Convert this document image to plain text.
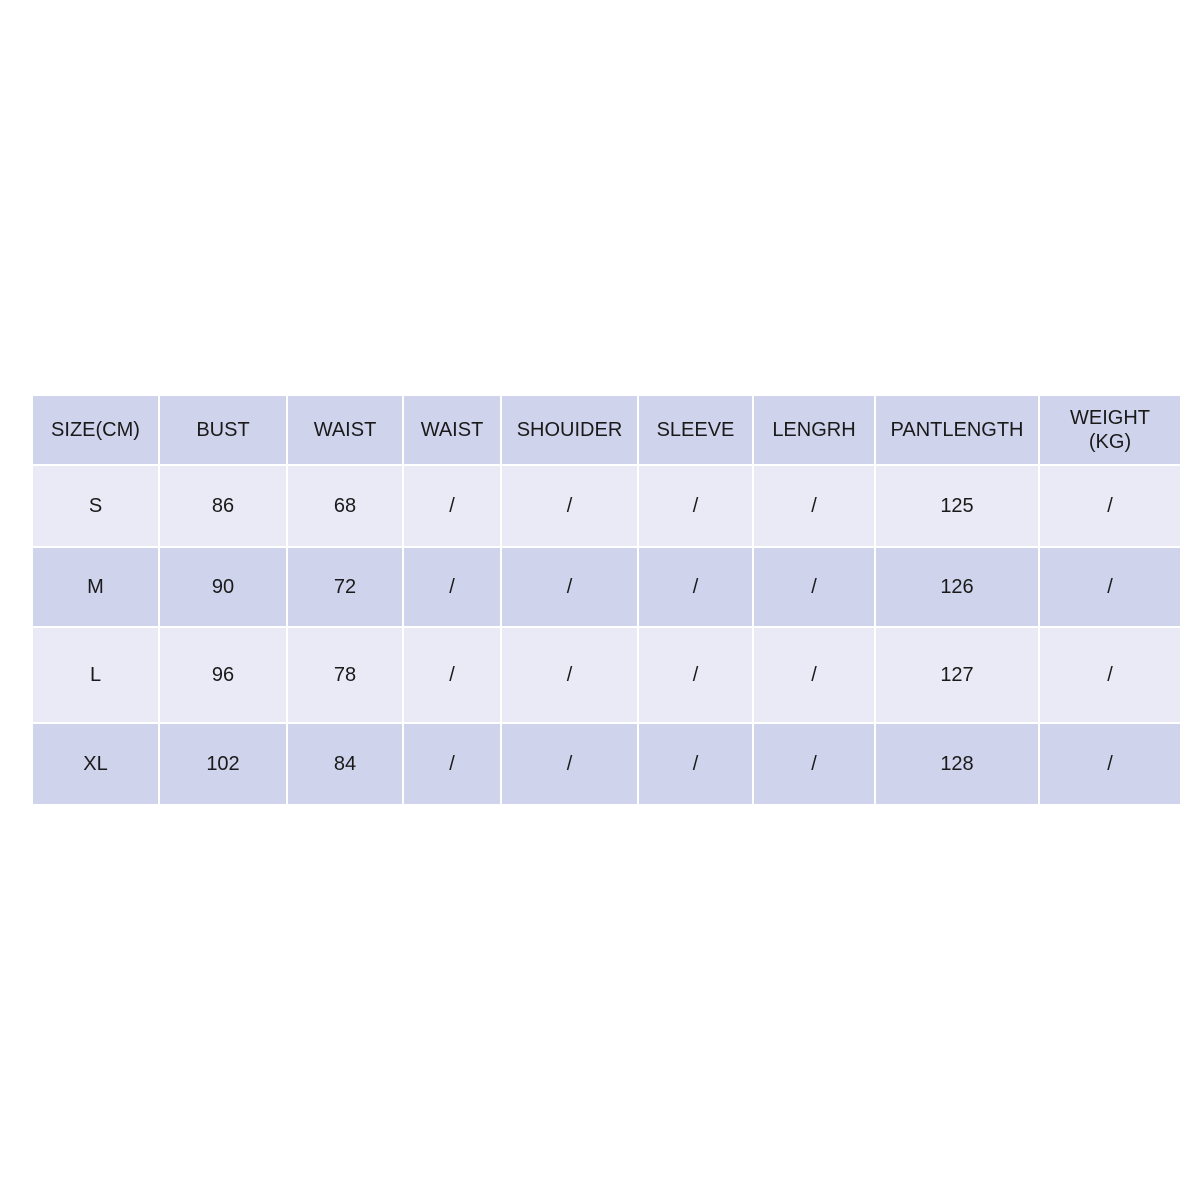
SIZE(CM)	BUST	WAIST	WAIST	SHOUIDER	SLEEVE	LENGRH	PANTLENGTH	WEIGHT
(KG)
S	86	68	/	/	/	/	125	/
M	90	72	/	/	/	/	126	/
L	96	78	/	/	/	/	127	/
XL	102	84	/	/	/	/	128	/
